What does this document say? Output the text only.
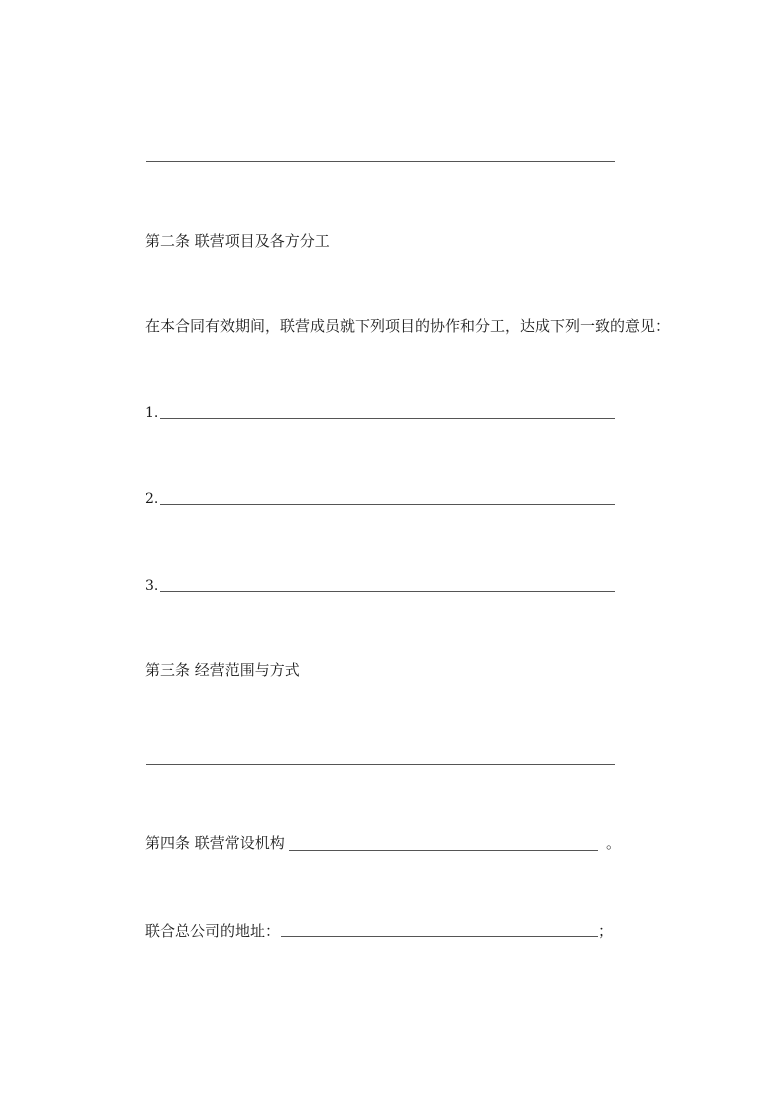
第二条 联营项目及各方分工
在本合同有效期间，联营成员就下列项目的协作和分工，达成下列一致的意见：
1.
2.
3.
第三条 经营范围与方式
第四条 联营常设机构	。
联合总公司的地址：	；
